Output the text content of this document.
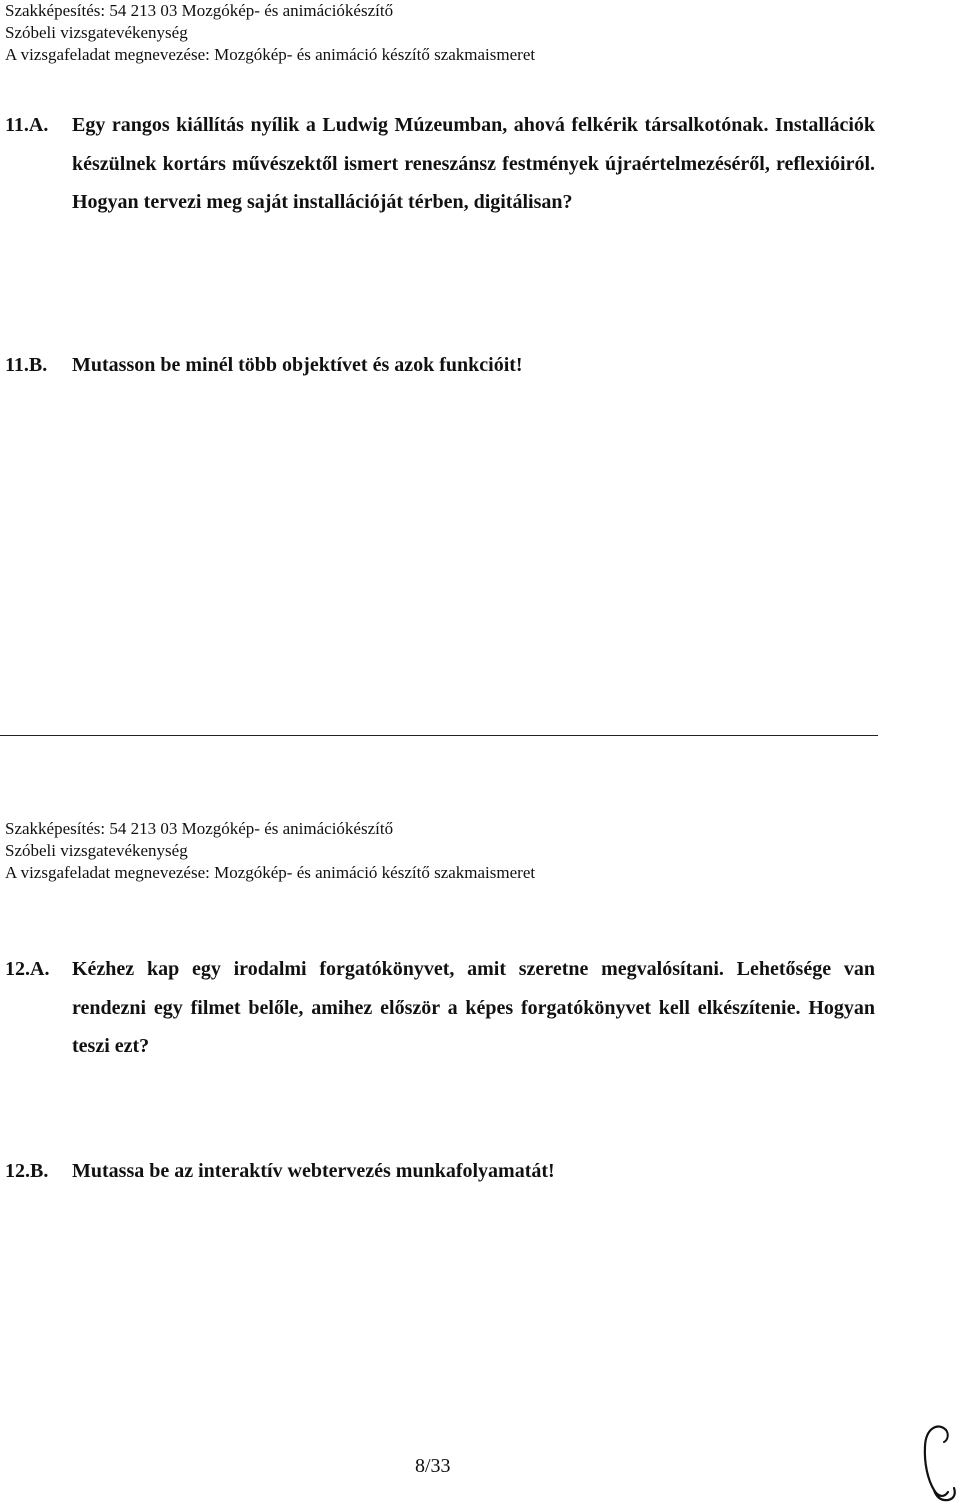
Szakképesítés: 54 213 03 Mozgókép- és animációkészítő
Szóbeli vizsgatevékenység
A vizsgafeladat megnevezése: Mozgókép- és animáció készítő szakmaismeret
11.A. Egy rangos kiállítás nyílik a Ludwig Múzeumban, ahová felkérik társalkotónak. Installációk készülnek kortárs művészektől ismert reneszánsz festmények újraértelmezéséről, reflexióiról. Hogyan tervezi meg saját installációját térben, digitálisan?
11.B. Mutasson be minél több objektívet és azok funkcióit!
Szakképesítés: 54 213 03 Mozgókép- és animációkészítő
Szóbeli vizsgatevékenység
A vizsgafeladat megnevezése: Mozgókép- és animáció készítő szakmaismeret
12.A. Kézhez kap egy irodalmi forgatókönyvet, amit szeretne megvalósítani. Lehetősége van rendezni egy filmet belőle, amihez először a képes forgatókönyvet kell elkészítenie. Hogyan teszi ezt?
12.B. Mutassa be az interaktív webtervezés munkafolyamatát!
8/33
